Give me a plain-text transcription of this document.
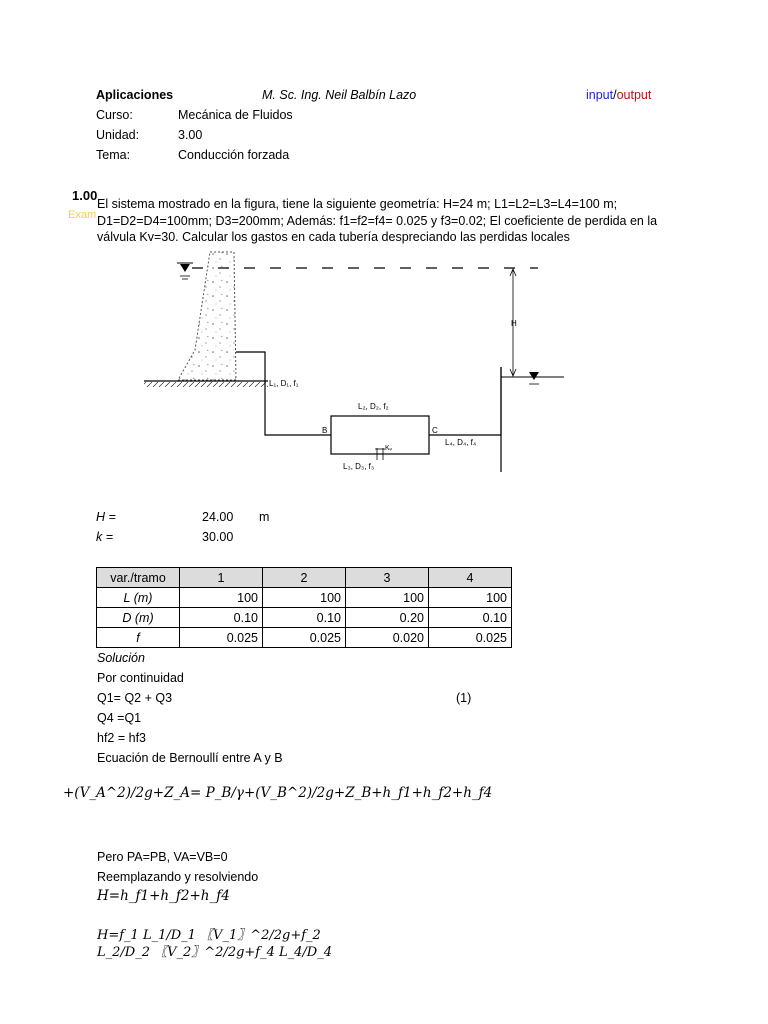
Aplicaciones	M. Sc. Ing. Neil Balbín Lazo	input/output
Curso:	Mecánica de Fluidos
Unidad:	3.00
Tema:	Conducción forzada
1.00
Exam
El sistema mostrado en la figura, tiene la siguiente geometría: H=24 m; L1=L2=L3=L4=100 m; D1=D2=D4=100mm; D3=200mm; Además: f1=f2=f4= 0.025 y f3=0.02; El coeficiente de perdida en la válvula Kv=30. Calcular los gastos en cada tubería despreciando las perdidas locales
H
L₁, D₁, f₁
L₂, D₂, f₂
B	C
L₄, D₄, f₄
Kᵥ
L₃, D₃, f₃
H =	24.00 m
k =	30.00
var./tramo	1	2	3	4
L (m)	100	100	100	100
D (m)	0.10	0.10	0.20	0.10
f	0.025	0.025	0.020	0.025
Solución
Por continuidad
Q1= Q2 + Q3	(1)
Q4 =Q1
hf2 = hf3
Ecuación de Bernoullí entre A y B
+(V_A^2)/2g+Z_A= P_B/γ+(V_B^2)/2g+Z_B+h_f1+h_f2+h_f4
Pero PA=PB, VA=VB=0
Reemplazando y resolviendo
H=h_f1+h_f2+h_f4
H=f_1 L_1/D_1 〖V_1〗^2/2g+f_2
L_2/D_2 〖V_2〗^2/2g+f_4 L_4/D_4
